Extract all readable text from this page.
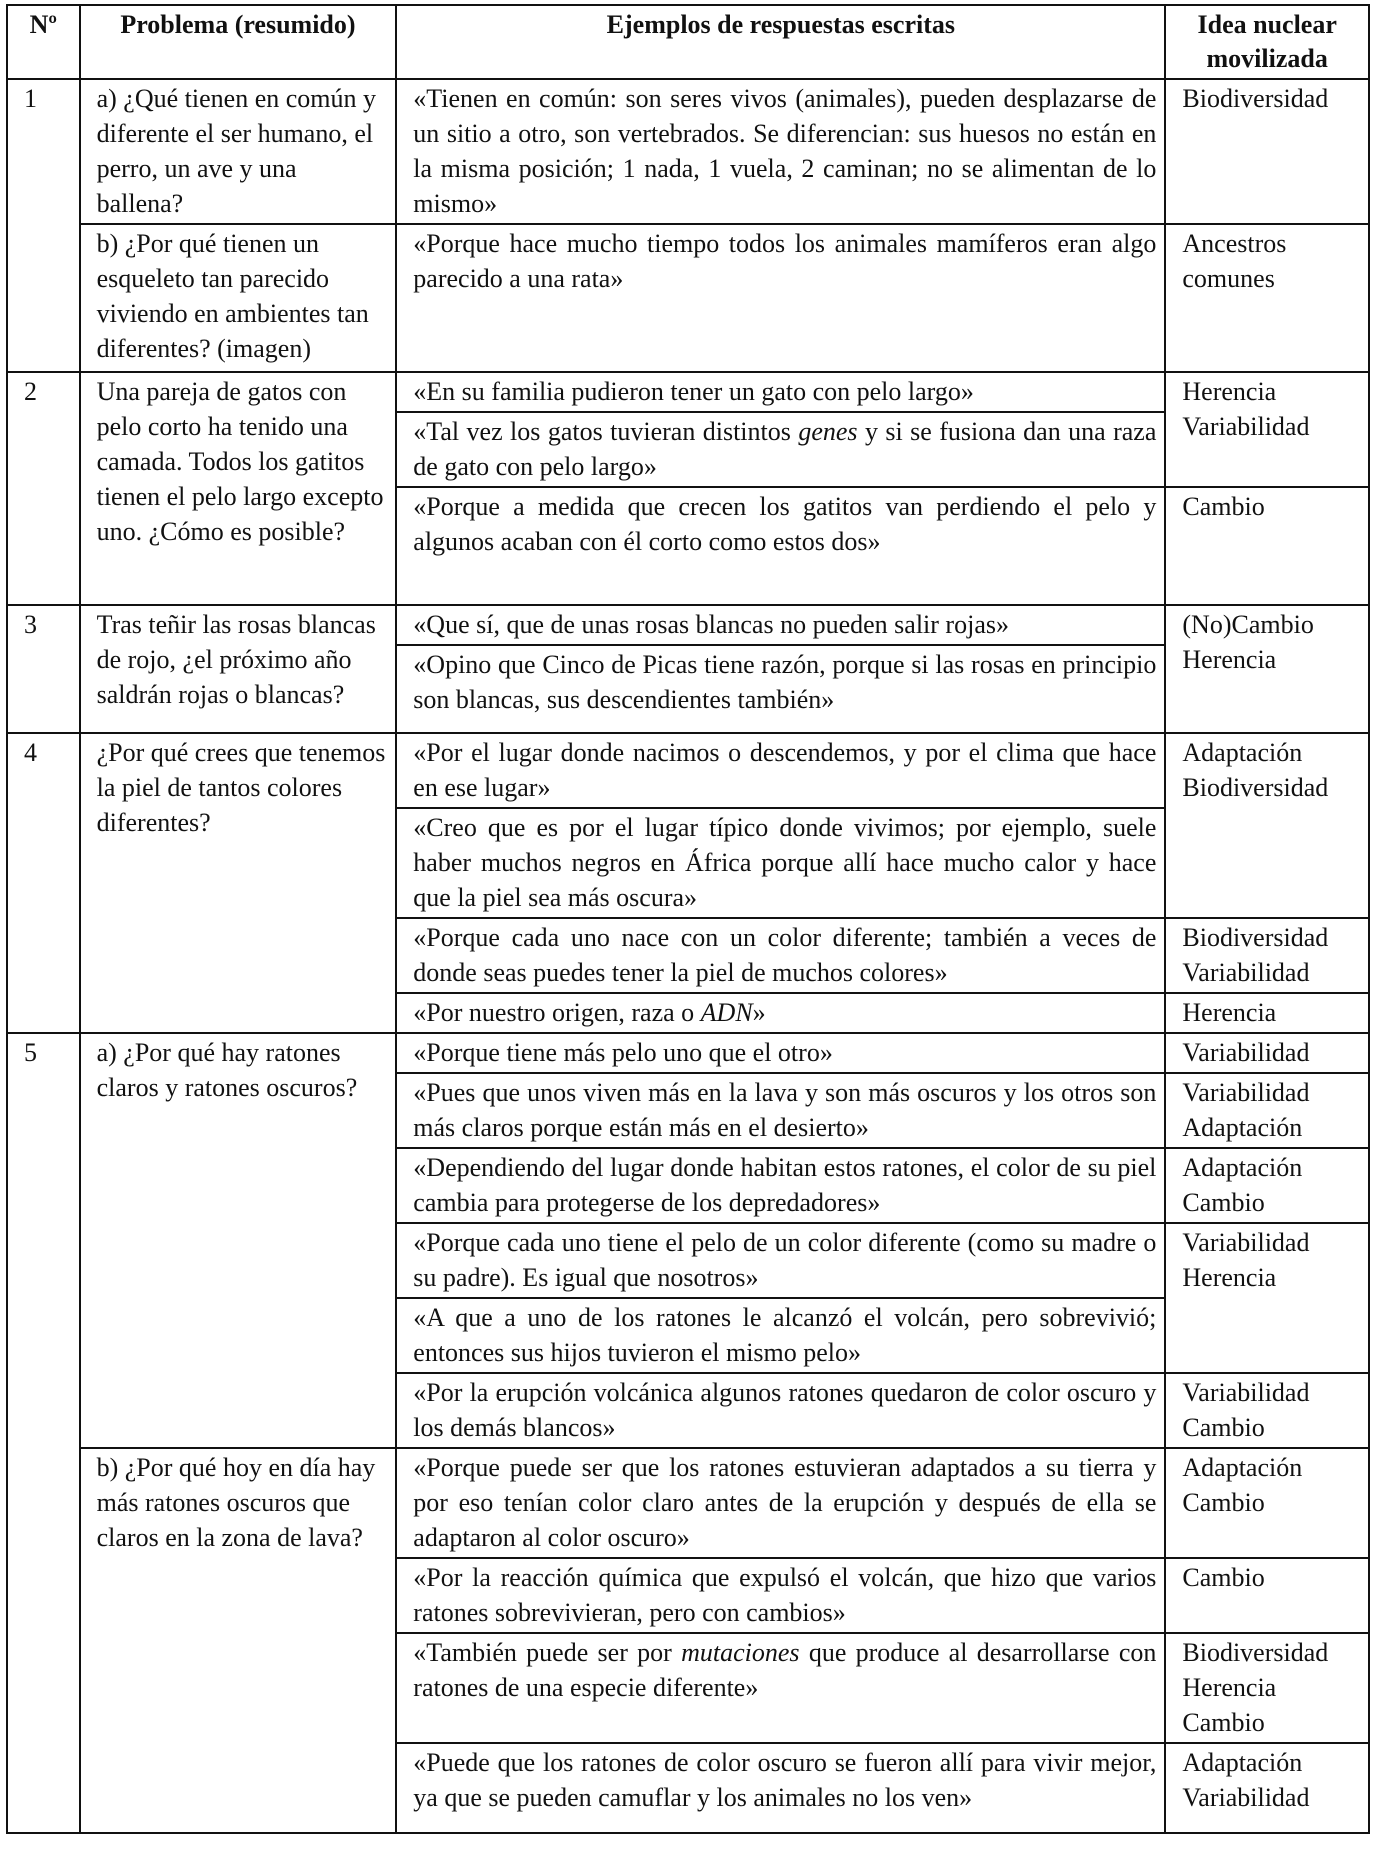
Nº	Problema (resumido)	Ejemplos de respuestas escritas	Idea nuclear movilizada
1	a) ¿Qué tienen en común y diferente el ser humano, el perro, un ave y una ballena?	«Tienen en común: son seres vivos (animales), pueden desplazarse de un sitio a otro, son vertebrados. Se diferencian: sus huesos no están en la misma posición; 1 nada, 1 vuela, 2 caminan; no se alimentan de lo mismo»	Biodiversidad
	b) ¿Por qué tienen un esqueleto tan parecido viviendo en ambientes tan diferentes? (imagen)	«Porque hace mucho tiempo todos los animales mamíferos eran algo parecido a una rata»	Ancestros comunes
2	Una pareja de gatos con pelo corto ha tenido una camada. Todos los gatitos tienen el pelo largo excepto uno. ¿Cómo es posible?	«En su familia pudieron tener un gato con pelo largo»	Herencia Variabilidad
		«Tal vez los gatos tuvieran distintos genes y si se fusiona dan una raza de gato con pelo largo»	
		«Porque a medida que crecen los gatitos van perdiendo el pelo y algunos acaban con él corto como estos dos»	Cambio
3	Tras teñir las rosas blancas de rojo, ¿el próximo año saldrán rojas o blancas?	«Que sí, que de unas rosas blancas no pueden salir rojas»	(No)Cambio Herencia
		«Opino que Cinco de Picas tiene razón, porque si las rosas en principio son blancas, sus descendientes también»	
4	¿Por qué crees que tenemos la piel de tantos colores diferentes?	«Por el lugar donde nacimos o descendemos, y por el clima que hace en ese lugar»	Adaptación Biodiversidad
		«Creo que es por el lugar típico donde vivimos; por ejemplo, suele haber muchos negros en África porque allí hace mucho calor y hace que la piel sea más oscura»	
		«Porque cada uno nace con un color diferente; también a veces de donde seas puedes tener la piel de muchos colores»	Biodiversidad Variabilidad
		«Por nuestro origen, raza o ADN»	Herencia
5	a) ¿Por qué hay ratones claros y ratones oscuros?	«Porque tiene más pelo uno que el otro»	Variabilidad
		«Pues que unos viven más en la lava y son más oscuros y los otros son más claros porque están más en el desierto»	Variabilidad Adaptación
		«Dependiendo del lugar donde habitan estos ratones, el color de su piel cambia para protegerse de los depredadores»	Adaptación Cambio
		«Porque cada uno tiene el pelo de un color diferente (como su madre o su padre). Es igual que nosotros»	Variabilidad Herencia
		«A que a uno de los ratones le alcanzó el volcán, pero sobrevivió; entonces sus hijos tuvieron el mismo pelo»	
		«Por la erupción volcánica algunos ratones quedaron de color oscuro y los demás blancos»	Variabilidad Cambio
	b) ¿Por qué hoy en día hay más ratones oscuros que claros en la zona de lava?	«Porque puede ser que los ratones estuvieran adaptados a su tierra y por eso tenían color claro antes de la erupción y después de ella se adaptaron al color oscuro»	Adaptación Cambio
		«Por la reacción química que expulsó el volcán, que hizo que varios ratones sobrevivieran, pero con cambios»	Cambio
		«También puede ser por mutaciones que produce al desarrollarse con ratones de una especie diferente»	Biodiversidad Herencia Cambio
		«Puede que los ratones de color oscuro se fueron allí para vivir mejor, ya que se pueden camuflar y los animales no los ven»	Adaptación Variabilidad
